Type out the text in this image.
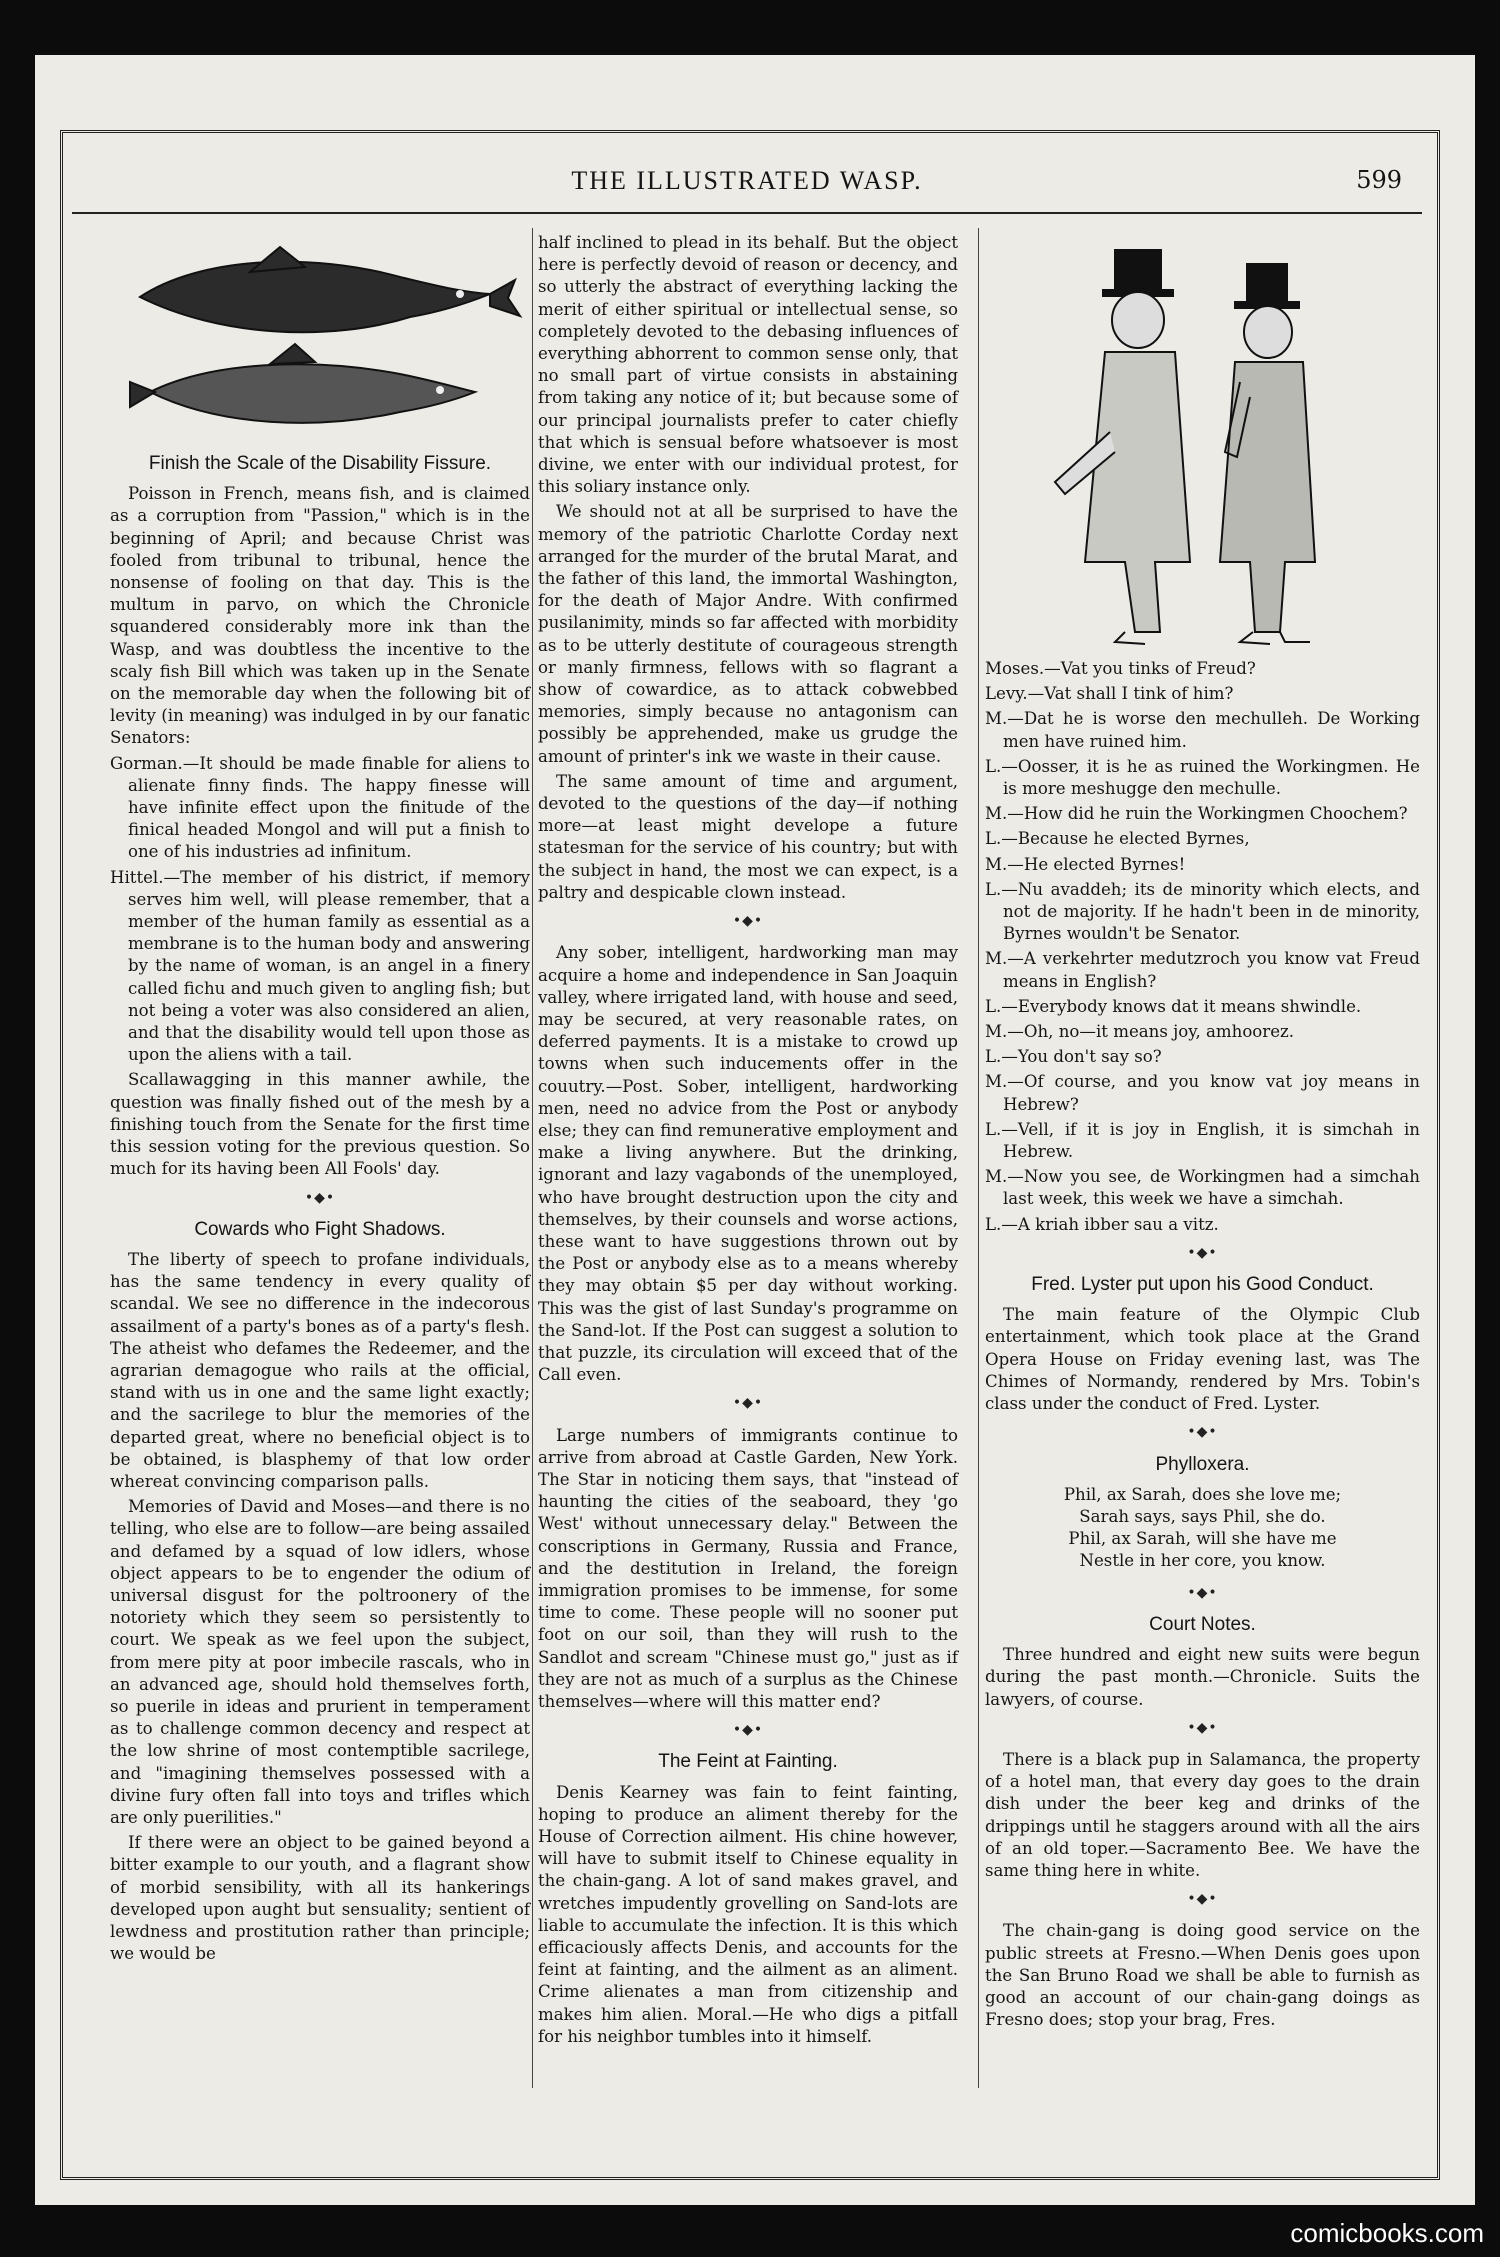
THE ILLUSTRATED WASP.	599
Finish the Scale of the Disability Fissure.

Poisson in French, means fish, and is claimed as a corruption from "Passion," which is in the beginning of April; and because Christ was fooled from tribunal to tribunal, hence the nonsense of fooling on that day. This is the multum in parvo, on which the Chronicle squandered considerably more ink than the Wasp, and was doubtless the incentive to the scaly fish Bill which was taken up in the Senate on the memorable day when the following bit of levity (in meaning) was indulged in by our fanatic Senators:

Gorman.—It should be made finable for aliens to alienate finny finds. The happy finesse will have infinite effect upon the finitude of the finical headed Mongol and will put a finish to one of his industries ad infinitum.

Hittel.—The member of his district, if memory serves him well, will please remember, that a member of the human family as essential as a membrane is to the human body and answering by the name of woman, is an angel in a finery called fichu and much given to angling fish; but not being a voter was also considered an alien, and that the disability would tell upon those as upon the aliens with a tail.

Scallawagging in this manner awhile, the question was finally fished out of the mesh by a finishing touch from the Senate for the first time this session voting for the previous question. So much for its having been All Fools' day.

•◆•
Cowards who Fight Shadows.

The liberty of speech to profane individuals, has the same tendency in every quality of scandal. We see no difference in the indecorous assailment of a party's bones as of a party's flesh. The atheist who defames the Redeemer, and the agrarian demagogue who rails at the official, stand with us in one and the same light exactly; and the sacrilege to blur the memories of the departed great, where no beneficial object is to be obtained, is blasphemy of that low order whereat convincing comparison palls.

Memories of David and Moses—and there is no telling, who else are to follow—are being assailed and defamed by a squad of low idlers, whose object appears to be to engender the odium of universal disgust for the poltroonery of the notoriety which they seem so persistently to court. We speak as we feel upon the subject, from mere pity at poor imbecile rascals, who in an advanced age, should hold themselves forth, so puerile in ideas and prurient in temperament as to challenge common decency and respect at the low shrine of most contemptible sacrilege, and "imagining themselves possessed with a divine fury often fall into toys and trifles which are only puerilities."

If there were an object to be gained beyond a bitter example to our youth, and a flagrant show of morbid sensibility, with all its hankerings developed upon aught but sensuality; sentient of lewdness and prostitution rather than principle; we would be

half inclined to plead in its behalf. But the object here is perfectly devoid of reason or decency, and so utterly the abstract of everything lacking the merit of either spiritual or intellectual sense, so completely devoted to the debasing influences of everything abhorrent to common sense only, that no small part of virtue consists in abstaining from taking any notice of it; but because some of our principal journalists prefer to cater chiefly that which is sensual before whatsoever is most divine, we enter with our individual protest, for this soliary instance only.

We should not at all be surprised to have the memory of the patriotic Charlotte Corday next arranged for the murder of the brutal Marat, and the father of this land, the immortal Washington, for the death of Major Andre. With confirmed pusilanimity, minds so far affected with morbidity as to be utterly destitute of courageous strength or manly firmness, fellows with so flagrant a show of cowardice, as to attack cobwebbed memories, simply because no antagonism can possibly be apprehended, make us grudge the amount of printer's ink we waste in their cause.

The same amount of time and argument, devoted to the questions of the day—if nothing more—at least might develope a future statesman for the service of his country; but with the subject in hand, the most we can expect, is a paltry and despicable clown instead.

•◆•

Any sober, intelligent, hardworking man may acquire a home and independence in San Joaquin valley, where irrigated land, with house and seed, may be secured, at very reasonable rates, on deferred payments. It is a mistake to crowd up towns when such inducements offer in the couutry.—Post. Sober, intelligent, hardworking men, need no advice from the Post or anybody else; they can find remunerative employment and make a living anywhere. But the drinking, ignorant and lazy vagabonds of the unemployed, who have brought destruction upon the city and themselves, by their counsels and worse actions, these want to have suggestions thrown out by the Post or anybody else as to a means whereby they may obtain $5 per day without working. This was the gist of last Sunday's programme on the Sand-lot. If the Post can suggest a solution to that puzzle, its circulation will exceed that of the Call even.

•◆•

Large numbers of immigrants continue to arrive from abroad at Castle Garden, New York. The Star in noticing them says, that "instead of haunting the cities of the seaboard, they 'go West' without unnecessary delay." Between the conscriptions in Germany, Russia and France, and the destitution in Ireland, the foreign immigration promises to be immense, for some time to come. These people will no sooner put foot on our soil, than they will rush to the Sandlot and scream "Chinese must go," just as if they are not as much of a surplus as the Chinese themselves—where will this matter end?

•◆•
The Feint at Fainting.

Denis Kearney was fain to feint fainting, hoping to produce an aliment thereby for the House of Correction ailment. His chine however, will have to submit itself to Chinese equality in the chain-gang. A lot of sand makes gravel, and wretches impudently grovelling on Sand-lots are liable to accumulate the infection. It is this which efficaciously affects Denis, and accounts for the feint at fainting, and the ailment as an aliment. Crime alienates a man from citizenship and makes him alien. Moral.—He who digs a pitfall for his neighbor tumbles into it himself.

Moses.—Vat you tinks of Freud?

Levy.—Vat shall I tink of him?

M.—Dat he is worse den mechulleh. De Working men have ruined him.

L.—Oosser, it is he as ruined the Workingmen. He is more meshugge den mechulle.

M.—How did he ruin the Workingmen Choochem?

L.—Because he elected Byrnes,

M.—He elected Byrnes!

L.—Nu avaddeh; its de minority which elects, and not de majority. If he hadn't been in de minority, Byrnes wouldn't be Senator.

M.—A verkehrter medutzroch you know vat Freud means in English?

L.—Everybody knows dat it means shwindle.

M.—Oh, no—it means joy, amhoorez.

L.—You don't say so?

M.—Of course, and you know vat joy means in Hebrew?

L.—Vell, if it is joy in English, it is simchah in Hebrew.

M.—Now you see, de Workingmen had a simchah last week, this week we have a simchah.

L.—A kriah ibber sau a vitz.

•◆•
Fred. Lyster put upon his Good Conduct.

The main feature of the Olympic Club entertainment, which took place at the Grand Opera House on Friday evening last, was The Chimes of Normandy, rendered by Mrs. Tobin's class under the conduct of Fred. Lyster.

•◆•
Phylloxera.
Phil, ax Sarah, does she love me;
Sarah says, says Phil, she do.
Phil, ax Sarah, will she have me
Nestle in her core, you know.
•◆•
Court Notes.

Three hundred and eight new suits were begun during the past month.—Chronicle. Suits the lawyers, of course.

•◆•

There is a black pup in Salamanca, the property of a hotel man, that every day goes to the drain dish under the beer keg and drinks of the drippings until he staggers around with all the airs of an old toper.—Sacramento Bee. We have the same thing here in white.

•◆•

The chain-gang is doing good service on the public streets at Fresno.—When Denis goes upon the San Bruno Road we shall be able to furnish as good an account of our chain-gang doings as Fresno does; stop your brag, Fres.

comicbooks.com
